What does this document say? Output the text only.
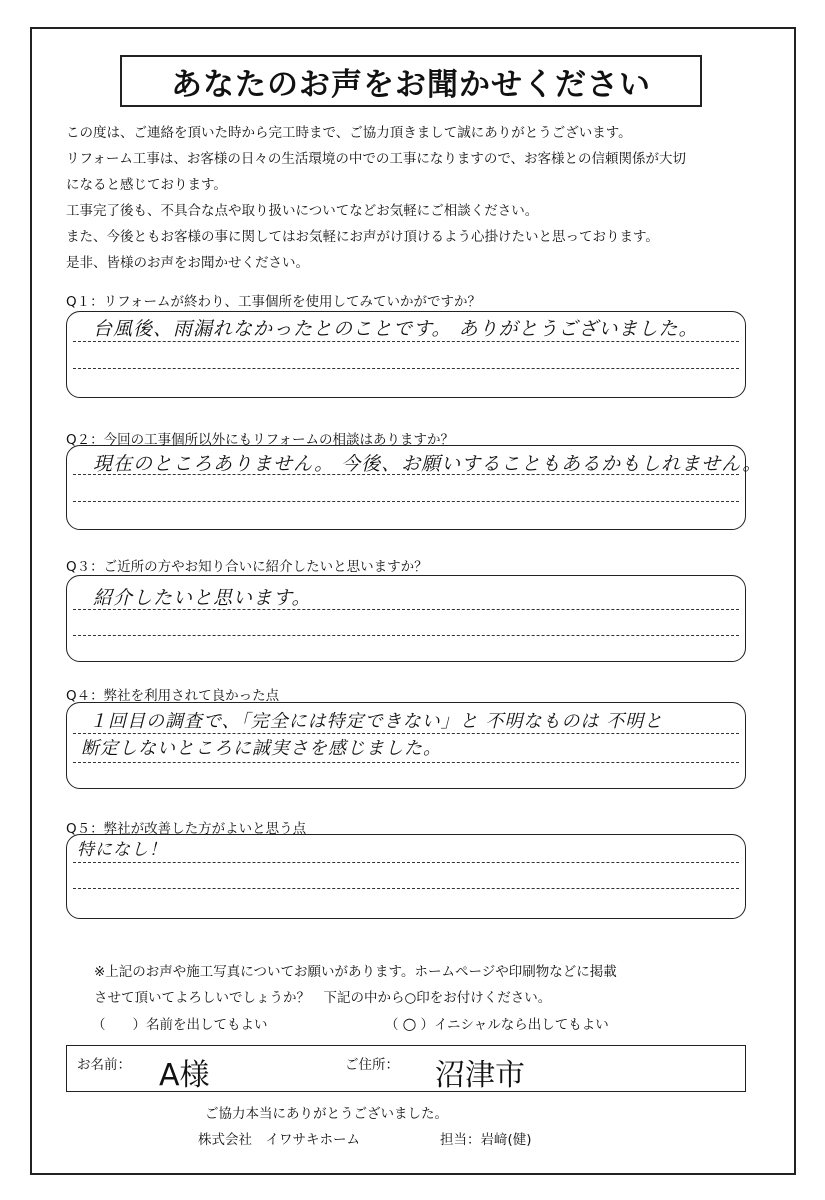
あなたのお声をお聞かせください
この度は、ご連絡を頂いた時から完工時まで、ご協力頂きまして誠にありがとうございます。
リフォーム工事は、お客様の日々の生活環境の中での工事になりますので、お客様との信頼関係が大切
になると感じております。
工事完了後も、不具合な点や取り扱いについてなどお気軽にご相談ください。
また、今後ともお客様の事に関してはお気軽にお声がけ頂けるよう心掛けたいと思っております。
是非、皆様のお声をお聞かせください。
Q１：リフォームが終わり、工事個所を使用してみていかがですか？
台風後、雨漏れなかったとのことです。 ありがとうございました。
Q２：今回の工事個所以外にもリフォームの相談はありますか？
現在のところありません。 今後、お願いすることもあるかもしれません。
Q３：ご近所の方やお知り合いに紹介したいと思いますか？
紹介したいと思います。
Q４：弊社を利用されて良かった点
１回目の調査で、「完全には特定できない」と 不明なものは 不明と
断定しないところに誠実さを感じました。
Q５：弊社が改善した方がよいと思う点
特になし！
※上記のお声や施工写真についてお願いがあります。ホームページや印刷物などに掲載
させて頂いてよろしいでしょうか？　下記の中から○印をお付けください。
（　　）名前を出してもよい	（ ○ ）イニシャルなら出してもよい
お名前： A様	ご住所： 沼津市
ご協力本当にありがとうございました。
株式会社　イワサキホーム	担当：岩﨑(健)
